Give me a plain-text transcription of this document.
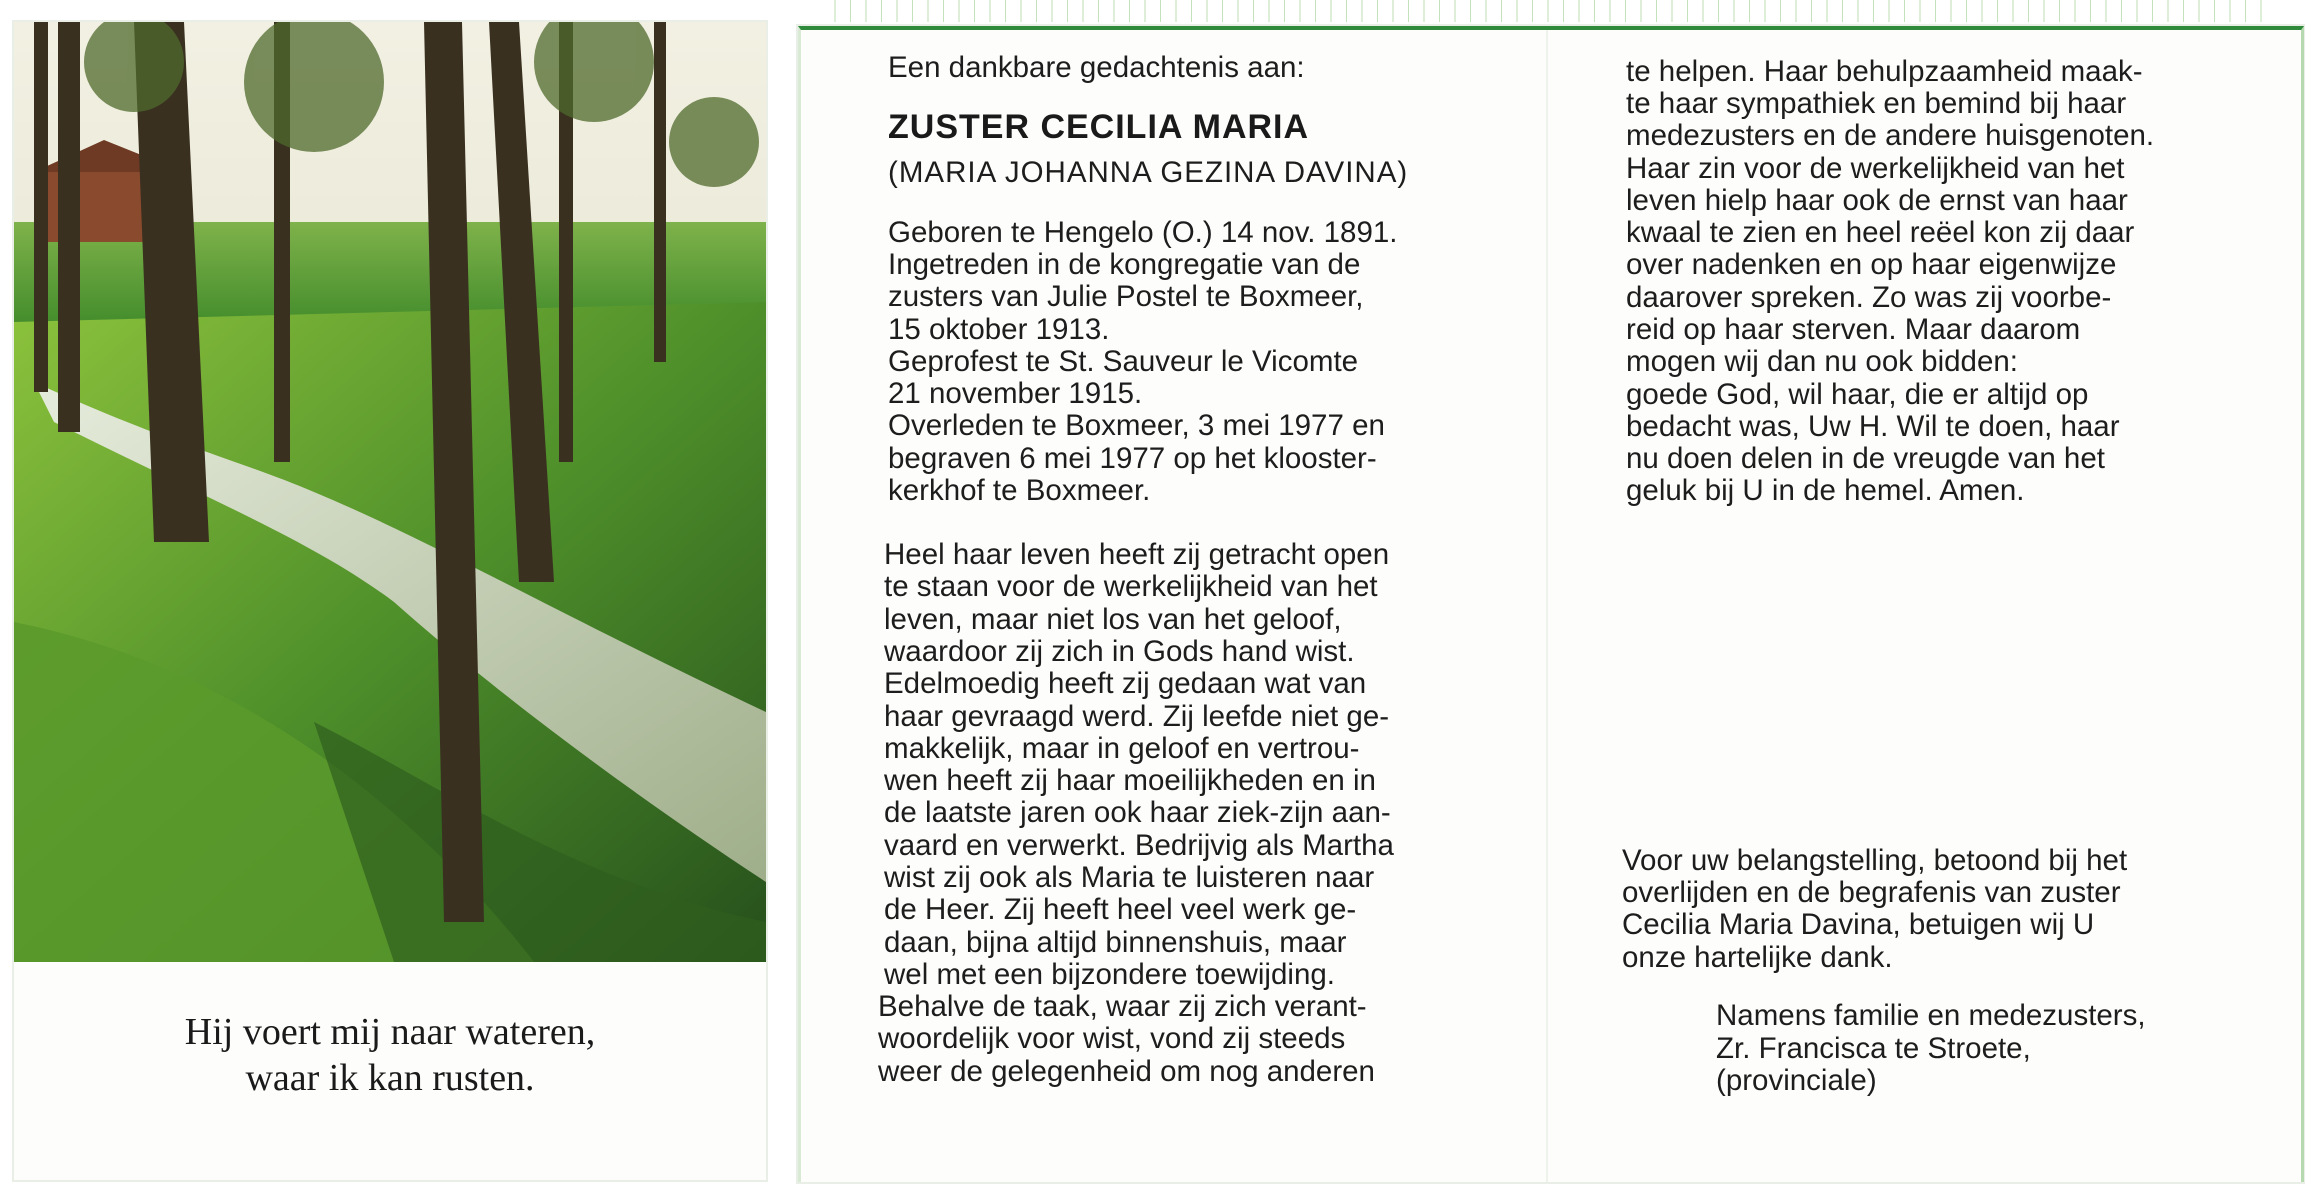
Hij voert mij naar wateren,
waar ik kan rusten.

Een dankbare gedachtenis aan:

ZUSTER CECILIA MARIA

(MARIA JOHANNA GEZINA DAVINA)

Geboren te Hengelo (O.) 14 nov. 1891.

Ingetreden in de kongregatie van de

zusters van Julie Postel te Boxmeer,

15 oktober 1913.

Geprofest te St. Sauveur le Vicomte

21 november 1915.

Overleden te Boxmeer, 3 mei 1977 en

begraven 6 mei 1977 op het klooster-

kerkhof te Boxmeer.

Heel haar leven heeft zij getracht open

te staan voor de werkelijkheid van het

leven, maar niet los van het geloof,

waardoor zij zich in Gods hand wist.

Edelmoedig heeft zij gedaan wat van

haar gevraagd werd. Zij leefde niet ge-

makkelijk, maar in geloof en vertrou-

wen heeft zij haar moeilijkheden en in

de laatste jaren ook haar ziek-zijn aan-

vaard en verwerkt. Bedrijvig als Martha

wist zij ook als Maria te luisteren naar

de Heer. Zij heeft heel veel werk ge-

daan, bijna altijd binnenshuis, maar

wel met een bijzondere toewijding.

Behalve de taak, waar zij zich verant-

woordelijk voor wist, vond zij steeds

weer de gelegenheid om nog anderen

te helpen. Haar behulpzaamheid maak-

te haar sympathiek en bemind bij haar

medezusters en de andere huisgenoten.

Haar zin voor de werkelijkheid van het

leven hielp haar ook de ernst van haar

kwaal te zien en heel reëel kon zij daar

over nadenken en op haar eigenwijze

daarover spreken. Zo was zij voorbe-

reid op haar sterven. Maar daarom

mogen wij dan nu ook bidden:

goede God, wil haar, die er altijd op

bedacht was, Uw H. Wil te doen, haar

nu doen delen in de vreugde van het

geluk bij U in de hemel. Amen.

Voor uw belangstelling, betoond bij het

overlijden en de begrafenis van zuster

Cecilia Maria Davina, betuigen wij U

onze hartelijke dank.

Namens familie en medezusters,

Zr. Francisca te Stroete,

(provinciale)
